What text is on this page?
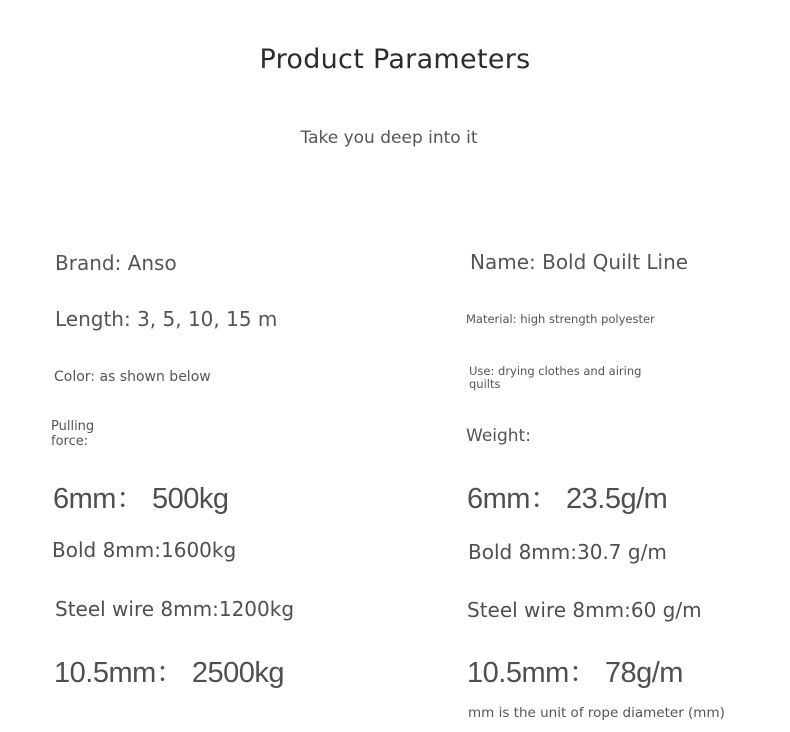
Product Parameters
Take you deep into it
Brand: Anso
Length: 3, 5, 10, 15 m
Color: as shown below
Pulling
force:
6mm： 500kg
Bold 8mm:1600kg
Steel wire 8mm:1200kg
10.5mm： 2500kg
Name: Bold Quilt Line
Material: high strength polyester
Use: drying clothes and airing
quilts
Weight:
6mm： 23.5g/m
Bold 8mm:30.7 g/m
Steel wire 8mm:60 g/m
10.5mm： 78g/m
mm is the unit of rope diameter (mm)
